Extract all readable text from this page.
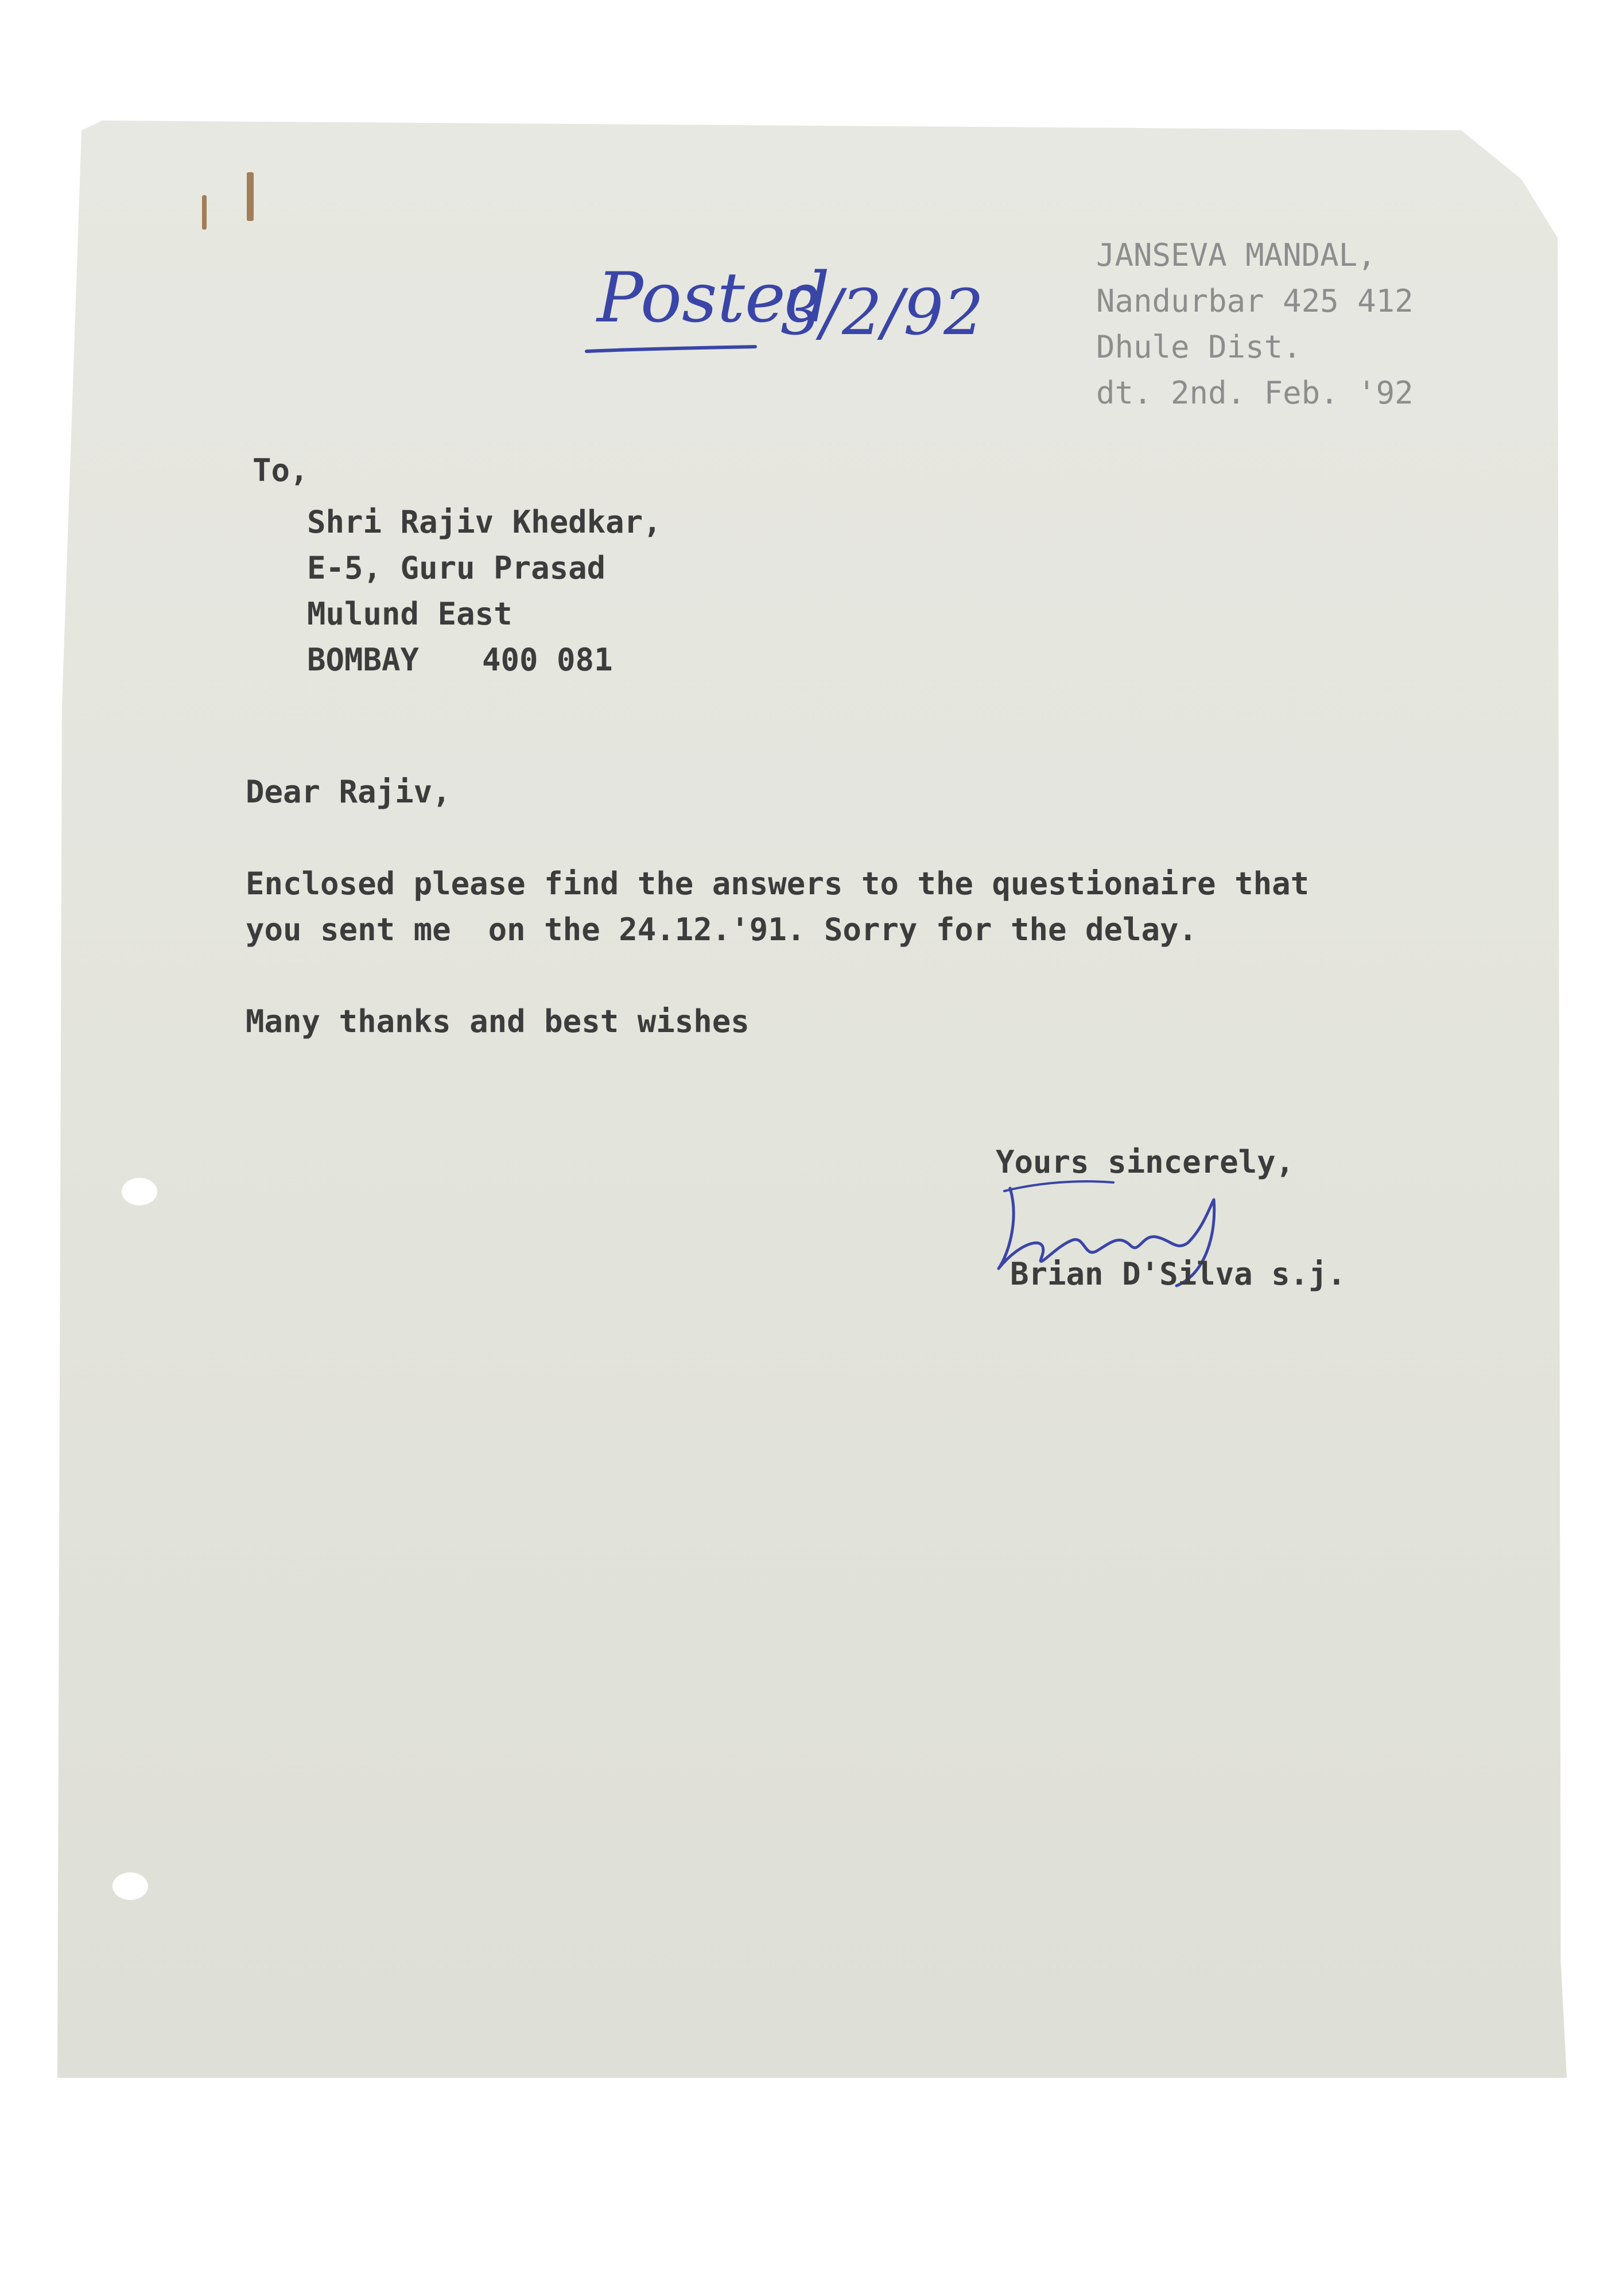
Posted
3/2/92
JANSEVA MANDAL,
Nandurbar 425 412
Dhule Dist.
dt. 2nd. Feb. '92
To,
Shri Rajiv Khedkar,
E-5, Guru Prasad
Mulund East
BOMBAY 400 081
Dear Rajiv,
Enclosed please find the answers to the questionaire that
you sent me  on the 24.12.'91. Sorry for the delay.
Many thanks and best wishes
Yours sincerely,
Brian D'Silva s.j.
